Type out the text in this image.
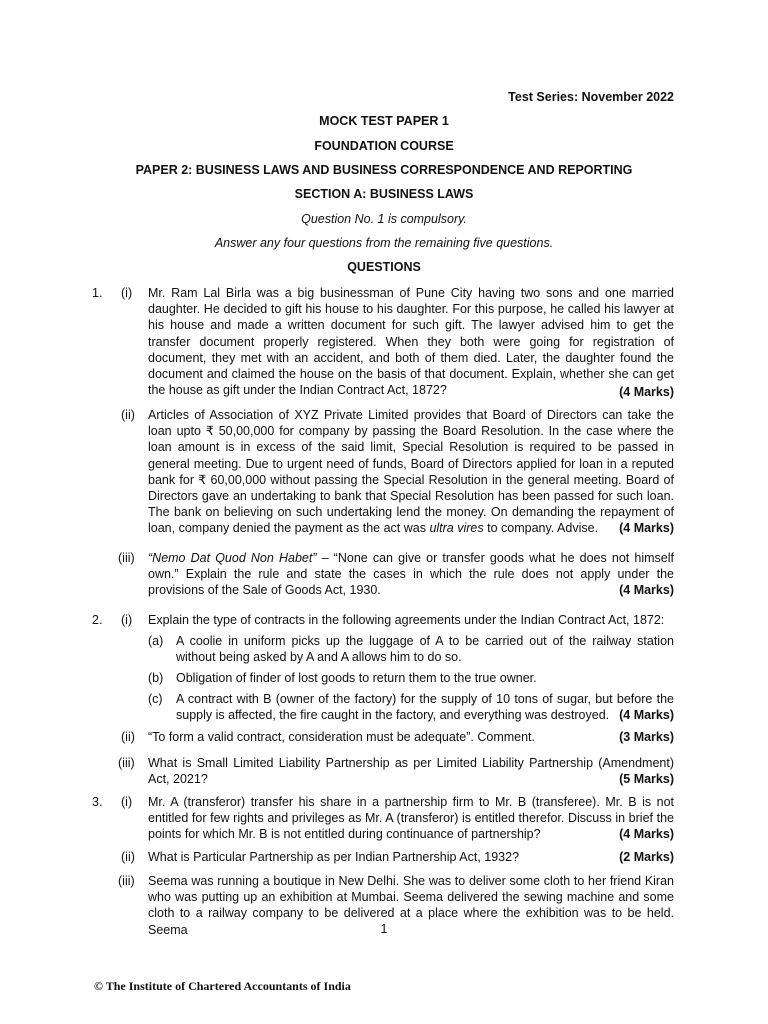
Test Series: November 2022
MOCK TEST PAPER 1
FOUNDATION COURSE
PAPER 2: BUSINESS LAWS AND BUSINESS CORRESPONDENCE AND REPORTING
SECTION A: BUSINESS LAWS
Question No. 1 is compulsory.
Answer any four questions from the remaining five questions.
QUESTIONS
1. (i) Mr. Ram Lal Birla was a big businessman of Pune City having two sons and one married daughter. He decided to gift his house to his daughter. For this purpose, he called his lawyer at his house and made a written document for such gift. The lawyer advised him to get the transfer document properly registered. When they both were going for registration of document, they met with an accident, and both of them died. Later, the daughter found the document and claimed the house on the basis of that document. Explain, whether she can get the house as gift under the Indian Contract Act, 1872?	(4 Marks)
(ii) Articles of Association of XYZ Private Limited provides that Board of Directors can take the loan upto ₹ 50,00,000 for company by passing the Board Resolution. In the case where the loan amount is in excess of the said limit, Special Resolution is required to be passed in general meeting. Due to urgent need of funds, Board of Directors applied for loan in a reputed bank for ₹ 60,00,000 without passing the Special Resolution in the general meeting. Board of Directors gave an undertaking to bank that Special Resolution has been passed for such loan. The bank on believing on such undertaking lend the money. On demanding the repayment of loan, company denied the payment as the act was ultra vires to company. Advise. (4 Marks)
(iii) “Nemo Dat Quod Non Habet” – “None can give or transfer goods what he does not himself own.” Explain the rule and state the cases in which the rule does not apply under the provisions of the Sale of Goods Act, 1930.	(4 Marks)
2. (i) Explain the type of contracts in the following agreements under the Indian Contract Act, 1872:
(a) A coolie in uniform picks up the luggage of A to be carried out of the railway station without being asked by A and A allows him to do so.
(b) Obligation of finder of lost goods to return them to the true owner.
(c) A contract with B (owner of the factory) for the supply of 10 tons of sugar, but before the supply is affected, the fire caught in the factory, and everything was destroyed. (4 Marks)
(ii) “To form a valid contract, consideration must be adequate”. Comment.	(3 Marks)
(iii) What is Small Limited Liability Partnership as per Limited Liability Partnership (Amendment) Act, 2021?	(5 Marks)
3. (i) Mr. A (transferor) transfer his share in a partnership firm to Mr. B (transferee). Mr. B is not entitled for few rights and privileges as Mr. A (transferor) is entitled therefor. Discuss in brief the points for which Mr. B is not entitled during continuance of partnership?	(4 Marks)
(ii) What is Particular Partnership as per Indian Partnership Act, 1932?	(2 Marks)
(iii) Seema was running a boutique in New Delhi. She was to deliver some cloth to her friend Kiran who was putting up an exhibition at Mumbai. Seema delivered the sewing machine and some cloth to a railway company to be delivered at a place where the exhibition was to be held. Seema	1
© The Institute of Chartered Accountants of India
